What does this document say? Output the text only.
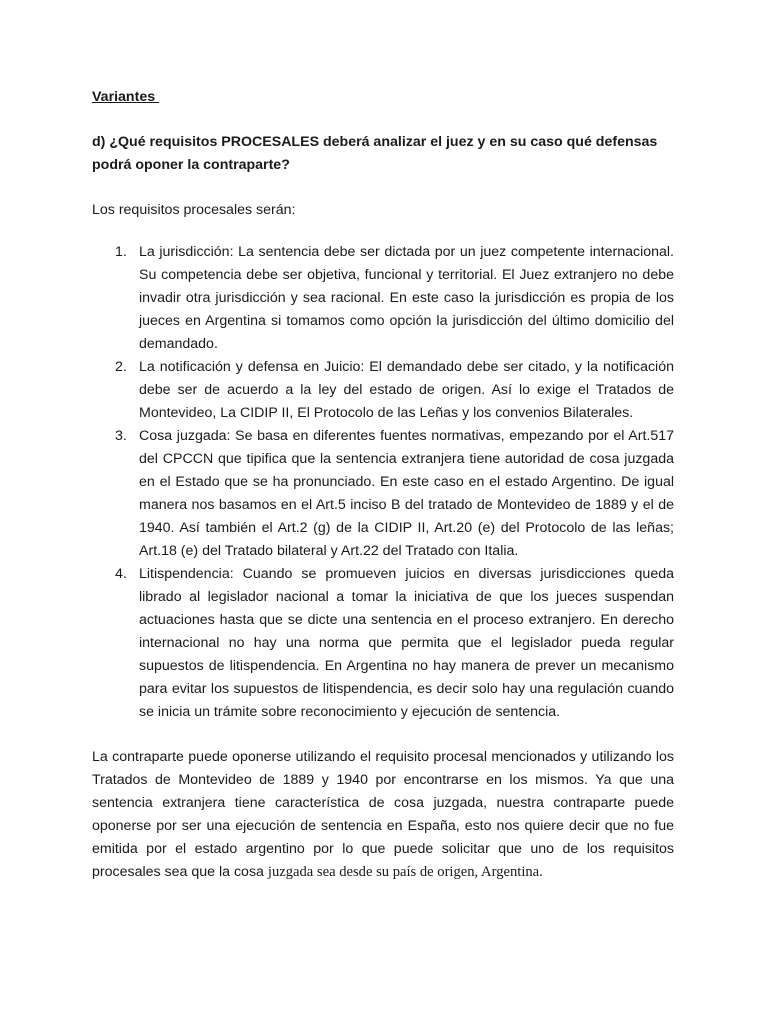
Variantes

d) ¿Qué requisitos PROCESALES deberá analizar el juez y en su caso qué defensas podrá oponer la contraparte?

Los requisitos procesales serán:

1. La jurisdicción: La sentencia debe ser dictada por un juez competente internacional. Su competencia debe ser objetiva, funcional y territorial. El Juez extranjero no debe invadir otra jurisdicción y sea racional. En este caso la jurisdicción es propia de los jueces en Argentina si tomamos como opción la jurisdicción del último domicilio del demandado.
2. La notificación y defensa en Juicio: El demandado debe ser citado, y la notificación debe ser de acuerdo a la ley del estado de origen. Así lo exige el Tratados de Montevideo, La CIDIP II, El Protocolo de las Leñas y los convenios Bilaterales.
3. Cosa juzgada: Se basa en diferentes fuentes normativas, empezando por el Art.517 del CPCCN que tipifica que la sentencia extranjera tiene autoridad de cosa juzgada en el Estado que se ha pronunciado. En este caso en el estado Argentino. De igual manera nos basamos en el Art.5 inciso B del tratado de Montevideo de 1889 y el de 1940. Así también el Art.2 (g) de la CIDIP II, Art.20 (e) del Protocolo de las leñas; Art.18 (e) del Tratado bilateral y Art.22 del Tratado con Italia.
4. Litispendencia: Cuando se promueven juicios en diversas jurisdicciones queda librado al legislador nacional a tomar la iniciativa de que los jueces suspendan actuaciones hasta que se dicte una sentencia en el proceso extranjero. En derecho internacional no hay una norma que permita que el legislador pueda regular supuestos de litispendencia. En Argentina no hay manera de prever un mecanismo para evitar los supuestos de litispendencia, es decir solo hay una regulación cuando se inicia un trámite sobre reconocimiento y ejecución de sentencia.

La contraparte puede oponerse utilizando el requisito procesal mencionados y utilizando los Tratados de Montevideo de 1889 y 1940 por encontrarse en los mismos. Ya que una sentencia extranjera tiene característica de cosa juzgada, nuestra contraparte puede oponerse por ser una ejecución de sentencia en España, esto nos quiere decir que no fue emitida por el estado argentino por lo que puede solicitar que uno de los requisitos procesales sea que la cosa juzgada sea desde su país de origen, Argentina.
